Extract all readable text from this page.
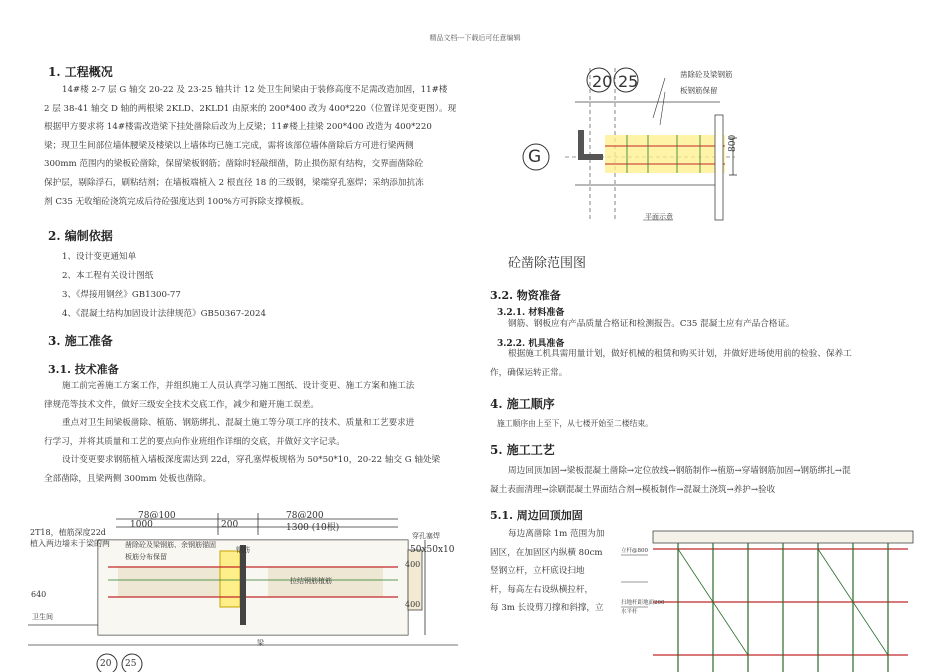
精品文档---下载后可任意编辑
1. 工程概况
14#楼 2-7 层 G 轴交 20-22 及 23-25 轴共计 12 处卫生间梁由于装修高度不足需改造加固，11#楼
2 层 38-41 轴交 D 轴的两根梁 2KLD、2KLD1 由原来的 200*400 改为 400*220（位置详见变更图）。现
根据甲方要求将 14#楼需改造梁下挂处凿除后改为上反梁；11#楼上挂梁 200*400 改造为 400*220
梁；现卫生间部位墙体腰梁及楼梁以上墙体均已施工完成，需将该部位墙体凿除后方可进行梁两侧
300mm 范围内的梁板砼凿除，保留梁板钢筋；凿除时轻敲细凿，防止损伤原有结构，交界面凿除砼
保护层，剔除浮石，刷粘结剂；在墙板端植入 2 根直径 18 的三级钢，梁端穿孔塞焊；采纳添加抗冻
剂 C35 无收缩砼浇筑完成后待砼强度达到 100%方可拆除支撑模板。
2. 编制依据
1、设计变更通知单
2、本工程有关设计图纸
3、《焊接用钢丝》GB1300-77
4、《混凝土结构加固设计法律规范》GB50367-2024
3. 施工准备
3.1. 技术准备
施工前完善施工方案工作，并组织施工人员认真学习施工图纸、设计变更、施工方案和施工法
律规范等技术文件，做好三级安全技术交底工作，减少和避开施工误差。
重点对卫生间梁板凿除、植筋、钢筋绑扎、混凝土施工等分项工序的技术、质量和工艺要求进
行学习，并将其质量和工艺的要点向作业班组作详细的交底，并做好文字记录。
设计变更要求钢筋植入墙板深度需达到 22d，穿孔塞焊板规格为 50*50*10，20-22 轴交 G 轴处梁
全部凿除，且梁两侧 300mm 处板也凿除。
2T18，植筋深度22d
植入两边墙末于梁的两
78@100
1000	200
78@200
1300 (10根)
凿除砼及梁钢筋、余钢筋锚固
板筋分布保留
钢筋
拉结钢筋植筋
穿孔塞焊
50x50x10
400
640
400
卫生间
梁
20 25
20 25
G
凿除砼及梁钢筋
板钢筋保留
800
平面示意
砼凿除范围图
3.2. 物资准备
3.2.1. 材料准备
钢筋、钢板应有产品质量合格证和检测报告。C35 混凝土应有产品合格证。
3.2.2. 机具准备
根据施工机具需用量计划，做好机械的租赁和购买计划，并做好进场使用前的检验、保养工
作，确保运转正常。
4. 施工顺序
施工顺序由上至下，从七楼开始至二楼结束。
5. 施工工艺
周边回顶加固→梁板混凝土凿除→定位放线→钢筋制作→植筋→穿墙钢筋加固→钢筋绑扎→混
凝土表面清理→涂刷混凝土界面结合剂→模板制作→混凝土浇筑→养护→验收
5.1. 周边回顶加固
每边离凿除 1m 范围为加
固区，在加固区内纵横 80cm
竖钢立杆，立杆底设扫地
杆，每高左右设纵横拉杆，
每 3m 长设剪刀撑和斜撑，立
立杆@800
扫地杆距地面200
水平杆
